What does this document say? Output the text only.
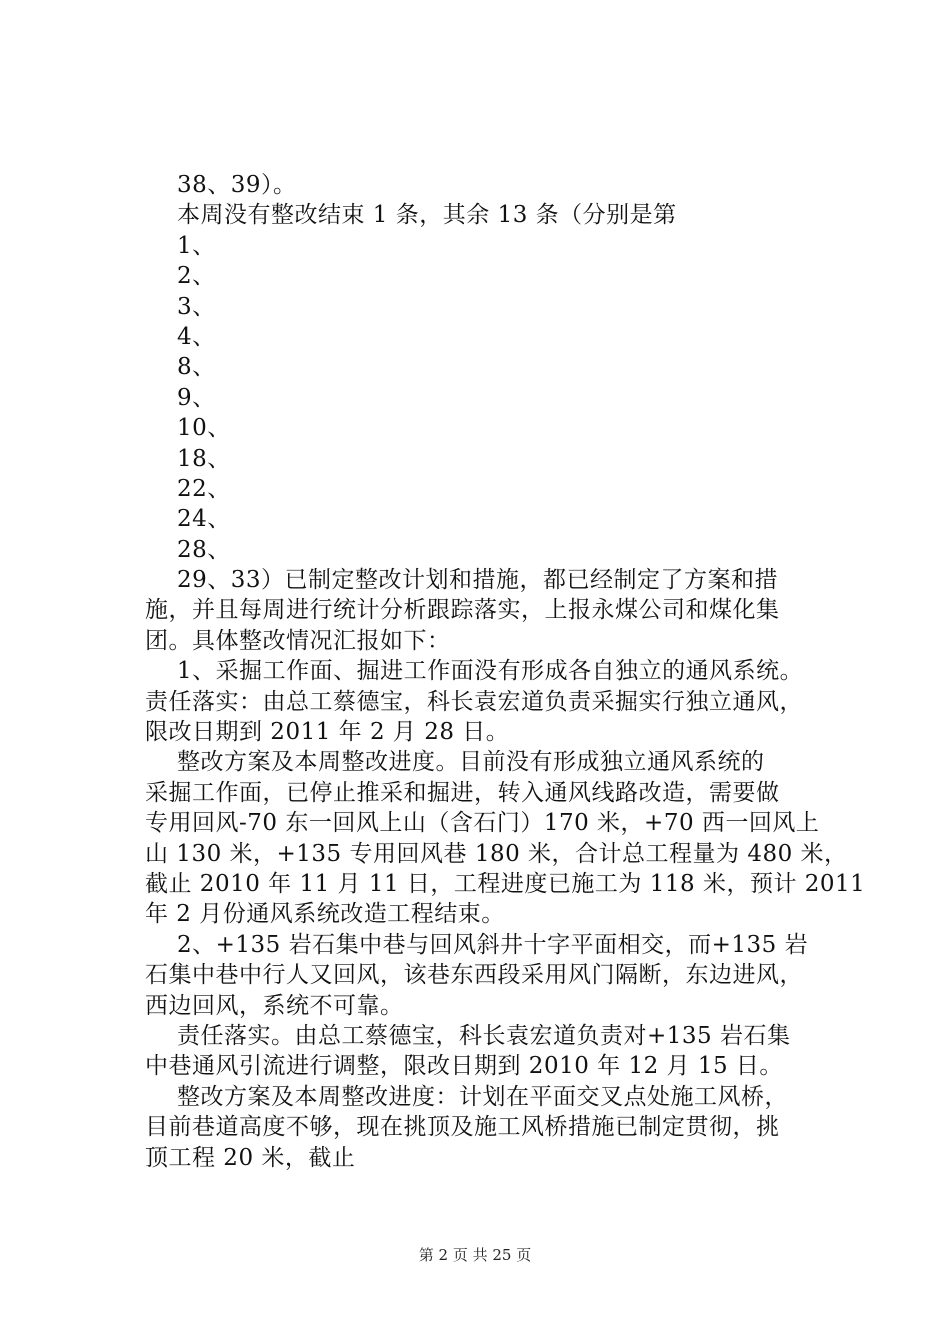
38、39）。
本周没有整改结束 1 条，其余 13 条（分别是第
1、
2、
3、
4、
8、
9、
10、
18、
22、
24、
28、
29、33）已制定整改计划和措施，都已经制定了方案和措
施，并且每周进行统计分析跟踪落实，上报永煤公司和煤化集
团。具体整改情况汇报如下：
1、采掘工作面、掘进工作面没有形成各自独立的通风系统。
责任落实：由总工蔡德宝，科长袁宏道负责采掘实行独立通风，
限改日期到 2011 年 2 月 28 日。
整改方案及本周整改进度。目前没有形成独立通风系统的
采掘工作面，已停止推采和掘进，转入通风线路改造，需要做
专用回风-70 东一回风上山（含石门）170 米，+70 西一回风上
山 130 米，+135 专用回风巷 180 米，合计总工程量为 480 米，
截止 2010 年 11 月 11 日，工程进度已施工为 118 米，预计 2011
年 2 月份通风系统改造工程结束。
2、+135 岩石集中巷与回风斜井十字平面相交，而+135 岩
石集中巷中行人又回风，该巷东西段采用风门隔断，东边进风，
西边回风，系统不可靠。
责任落实。由总工蔡德宝，科长袁宏道负责对+135 岩石集
中巷通风引流进行调整，限改日期到 2010 年 12 月 15 日。
整改方案及本周整改进度：计划在平面交叉点处施工风桥，
目前巷道高度不够，现在挑顶及施工风桥措施已制定贯彻，挑
顶工程 20 米，截止
第 2 页 共 25 页
